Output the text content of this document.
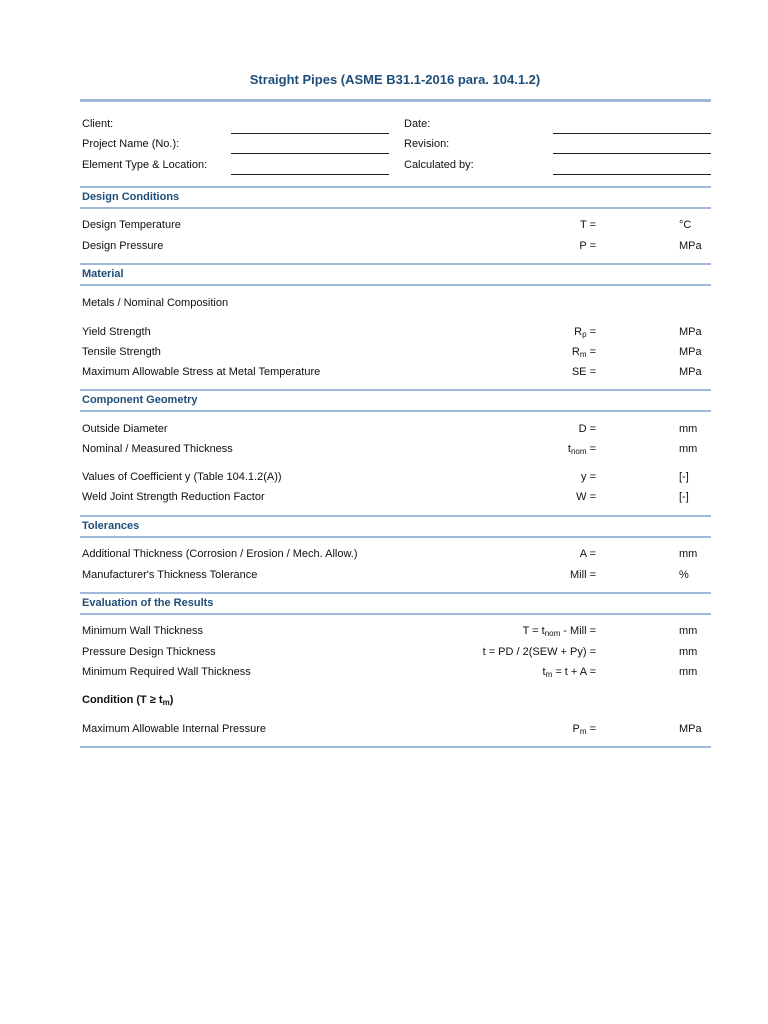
Straight Pipes (ASME B31.1-2016 para. 104.1.2)
Client:	Date:
Project Name (No.):	Revision:
Element Type & Location:	Calculated by:
Design Conditions
Design Temperature	T =	°C
Design Pressure	P =	MPa
Material
Metals / Nominal Composition
Yield Strength	$R_p$ =	MPa
Tensile Strength	$R_m$ =	MPa
Maximum Allowable Stress at Metal Temperature	SE =	MPa
Component Geometry
Outside Diameter	D =	mm
Nominal / Measured Thickness	$t_{nom}$ =	mm
Values of Coefficient y (Table 104.1.2(A))	y =	[-]
Weld Joint Strength Reduction Factor	W =	[-]
Tolerances
Additional Thickness (Corrosion / Erosion / Mech. Allow.)	A =	mm
Manufacturer's Thickness Tolerance	Mill =	%
Evaluation of the Results
Minimum Wall Thickness	$T = t_{nom}$ - Mill =	mm
Pressure Design Thickness	t = PD / 2(SEW + Py) =	mm
Minimum Required Wall Thickness	$t_m = t + A$ =	mm
Condition $(T \ge t_m)$
Maximum Allowable Internal Pressure	$P_m$ =	MPa
